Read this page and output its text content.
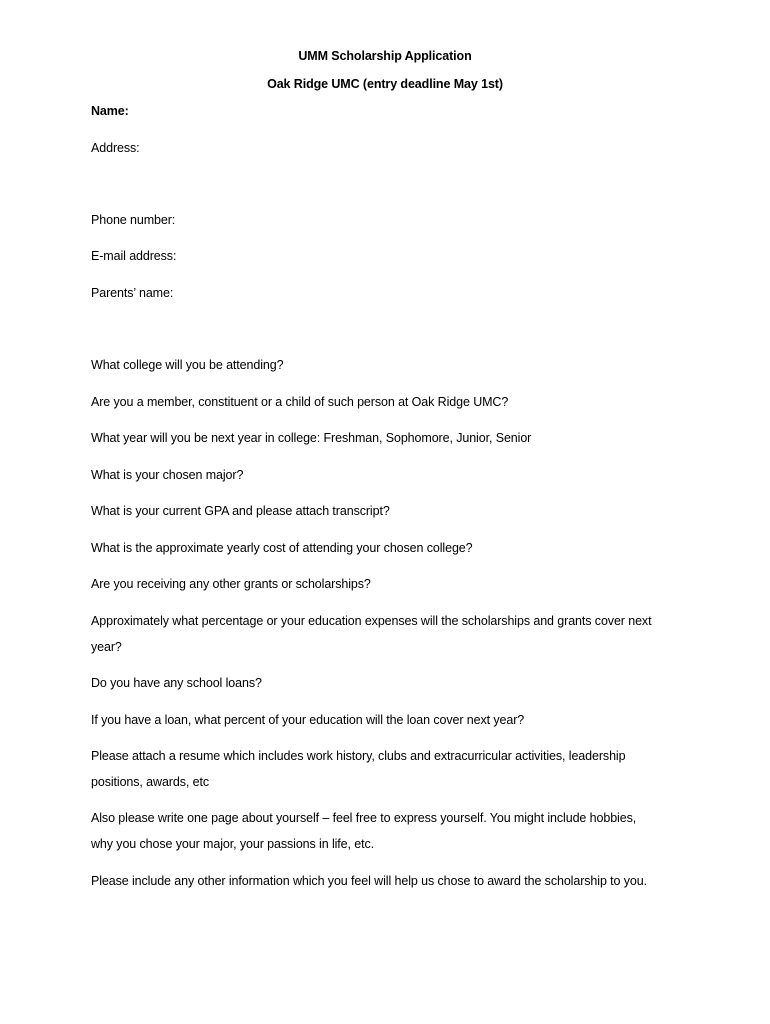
UMM Scholarship Application
Oak Ridge UMC (entry deadline May 1st)
Name:
Address:
Phone number:
E-mail address:
Parents’ name:
What college will you be attending?
Are you a member, constituent or a child of such person at Oak Ridge UMC?
What year will you be next year in college: Freshman, Sophomore, Junior, Senior
What is your chosen major?
What is your current GPA and please attach transcript?
What is the approximate yearly cost of attending your chosen college?
Are you receiving any other grants or scholarships?
Approximately what percentage or your education expenses will the scholarships and grants cover next
year?
Do you have any school loans?
If you have a loan, what percent of your education will the loan cover next year?
Please attach a resume which includes work history, clubs and extracurricular activities, leadership
positions, awards, etc
Also please write one page about yourself – feel free to express yourself. You might include hobbies,
why you chose your major, your passions in life, etc.
Please include any other information which you feel will help us chose to award the scholarship to you.
